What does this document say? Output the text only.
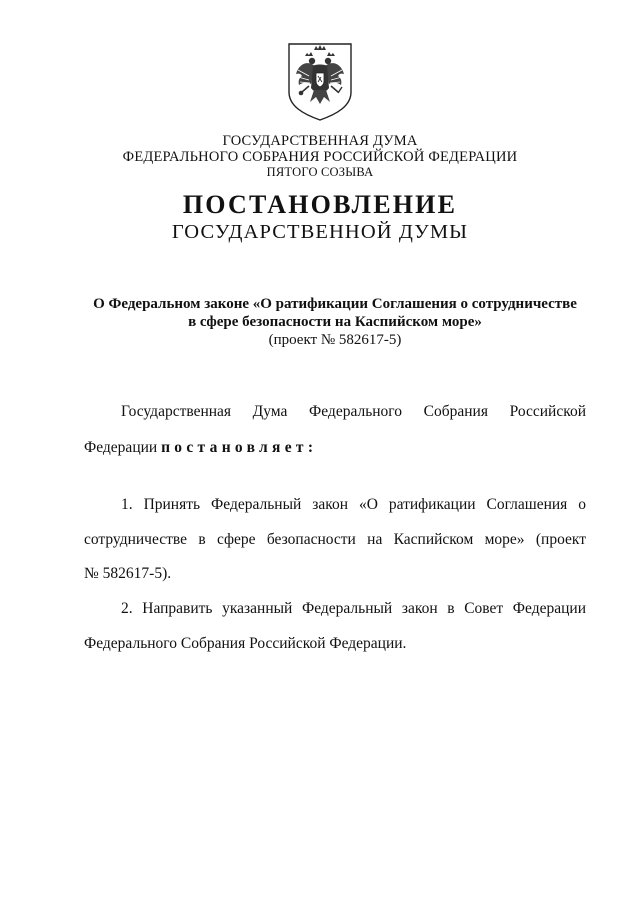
ГОСУДАРСТВЕННАЯ ДУМА
ФЕДЕРАЛЬНОГО СОБРАНИЯ РОССИЙСКОЙ ФЕДЕРАЦИИ
ПЯТОГО СОЗЫВА
ПОСТАНОВЛЕНИЕ
ГОСУДАРСТВЕННОЙ ДУМЫ
О Федеральном законе «О ратификации Соглашения о сотрудничестве
в сфере безопасности на Каспийском море»
(проект № 582617-5)
Государственная Дума Федерального Собрания Российской
Федерации постановляет:
1. Принять Федеральный закон «О ратификации Соглашения о
сотрудничестве в сфере безопасности на Каспийском море» (проект
№ 582617-5).
2. Направить указанный Федеральный закон в Совет Федерации
Федерального Собрания Российской Федерации.
